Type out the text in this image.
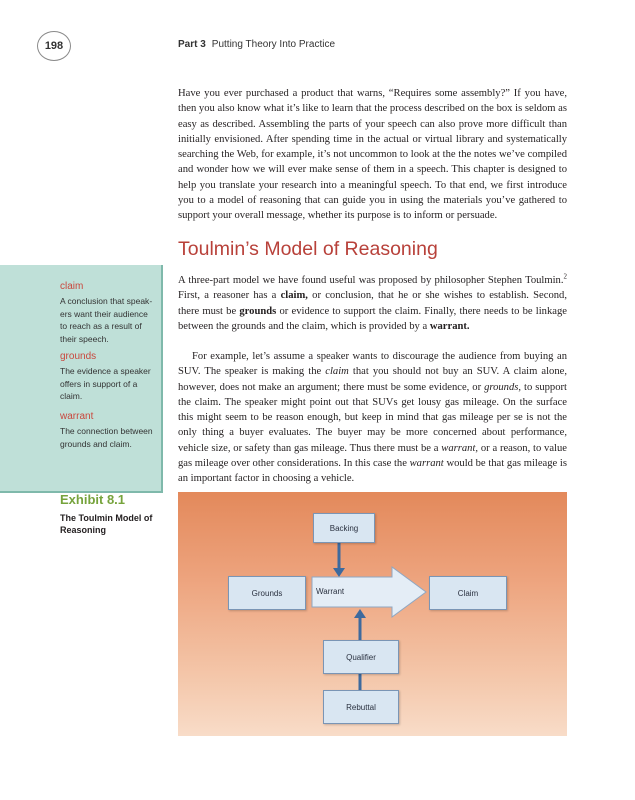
198	Part 3 Putting Theory Into Practice

Have you ever purchased a product that warns, “Requires some assembly?” If you have, then you also know what it’s like to learn that the process described on the box is seldom as easy as described. Assembling the parts of your speech can also prove more difficult than initially envisioned. After spending time in the actual or virtual library and systematically searching the Web, for example, it’s not uncommon to look at the the notes we’ve compiled and wonder how we will ever make sense of them in a speech. This chapter is designed to help you translate your research into a meaningful speech. To that end, we first introduce you to a model of reasoning that can guide you in using the materials you’ve gathered to support your overall message, whether its purpose is to inform or persuade.

Toulmin’s Model of Reasoning

A three-part model we have found useful was proposed by philosopher Stephen Toulmin.$^2$ First, a reasoner has a claim, or conclusion, that he or she wishes to establish. Second, there must be grounds or evidence to support the claim. Finally, there needs to be linkage between the grounds and the claim, which is provided by a warrant.

For example, let’s assume a speaker wants to discourage the audience from buying an SUV. The speaker is making the claim that you should not buy an SUV. A claim alone, however, does not make an argument; there must be some evidence, or grounds, to support the claim. The speaker might point out that SUVs get lousy gas mileage. On the surface this might seem to be reason enough, but keep in mind that gas mileage per se is not the only thing a buyer evaluates. The buyer may be more concerned about performance, vehicle size, or safety than gas mileage. Thus there must be a warrant, or a reason, to value gas mileage over other considerations. In this case the warrant would be that gas mileage is an important factor in choosing a vehicle.

claim
A conclusion that speakers want their audience to reach as a result of their speech.
grounds
The evidence a speaker offers in support of a claim.
warrant
The connection between grounds and claim.
Exhibit 8.1
The Toulmin Model of Reasoning	Backing
Grounds	Warrant	Claim
Qualifier
Rebuttal
